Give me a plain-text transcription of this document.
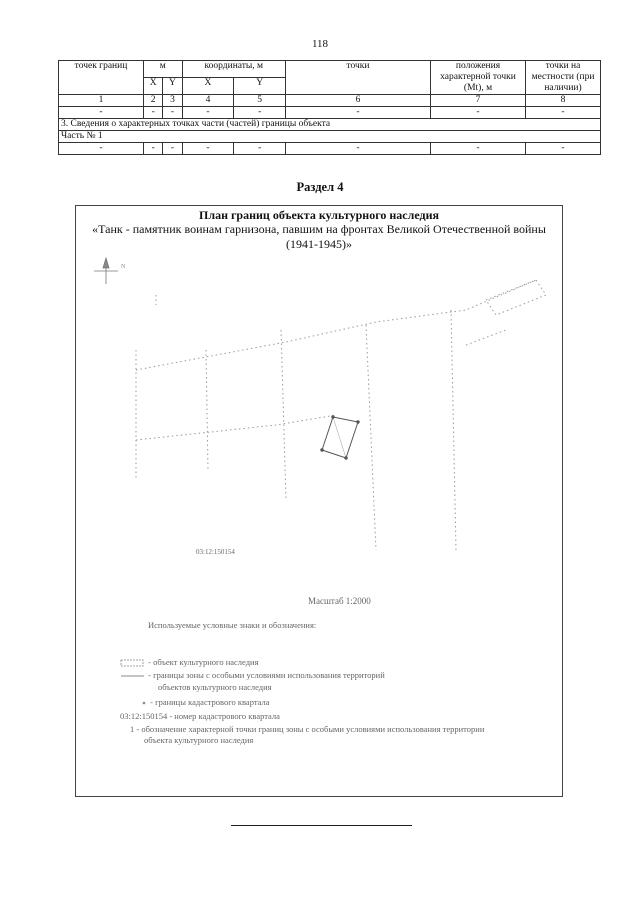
118
точек границ	м		координаты, м		точки	положения характерной точки (Mt), м	точки на местности (при наличии)
	X	Y	X	Y			
1	2	3	4	5	6	7	8
-	-	-	-	-	-	-	-
3. Сведения о характерных точках части (частей) границы объекта							
Часть № 1							
-	-	-	-	-	-	-	-
Раздел 4
План границ объекта культурного наследия
«Танк - памятник воинам гарнизона, павшим на фронтах Великой Отечественной войны (1941-1945)»
N
03:12:150154
Масштаб 1:2000
Используемые условные знаки и обозначения:
- объект культурного наследия
- границы зоны с особыми условиями использования территорий
объектов культурного наследия
- границы кадастрового квартала
03:12:150154 - номер кадастрового квартала
1 - обозначение характерной точки границ зоны с особыми условиями использования территории
объекта культурного наследия
